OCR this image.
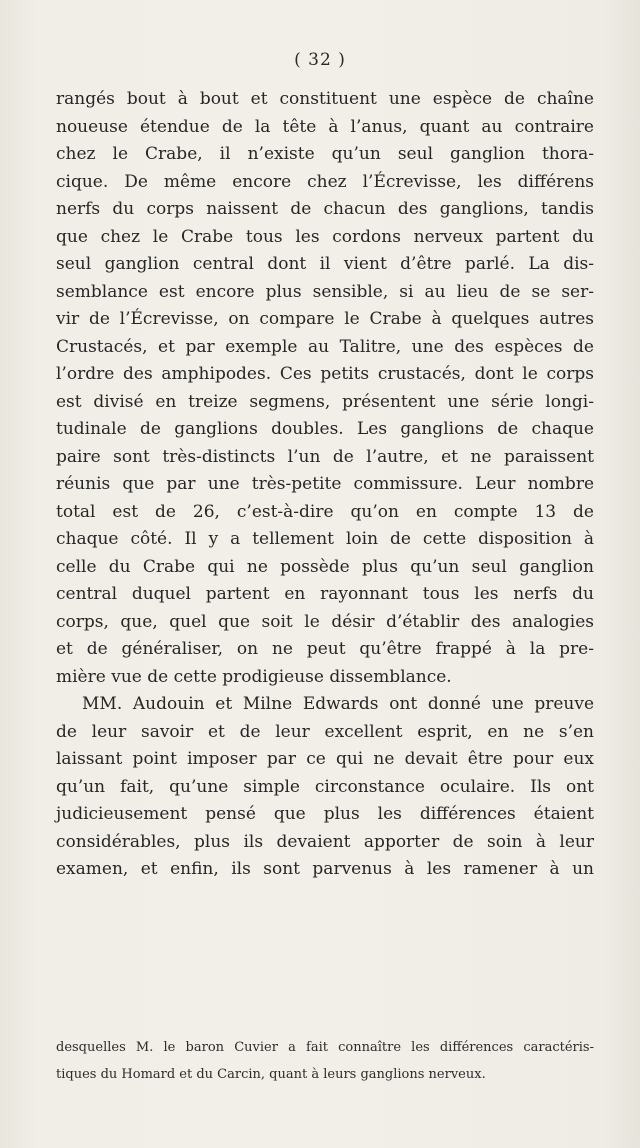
( 32 )
rangés bout à bout et constituent une espèce de chaîne
noueuse étendue de la tête à l’anus, quant au contraire
chez le Crabe, il n’existe qu’un seul ganglion thora-
cique. De même encore chez l’Écrevisse, les différens
nerfs du corps naissent de chacun des ganglions, tandis
que chez le Crabe tous les cordons nerveux partent du
seul ganglion central dont il vient d’être parlé. La dis-
semblance est encore plus sensible, si au lieu de se ser-
vir de l’Écrevisse, on compare le Crabe à quelques autres
Crustacés, et par exemple au Talitre, une des espèces de
l’ordre des amphipodes. Ces petits crustacés, dont le corps
est divisé en treize segmens, présentent une série longi-
tudinale de ganglions doubles. Les ganglions de chaque
paire sont très-distincts l’un de l’autre, et ne paraissent
réunis que par une très-petite commissure. Leur nombre
total est de 26, c’est-à-dire qu’on en compte 13 de
chaque côté. Il y a tellement loin de cette disposition à
celle du Crabe qui ne possède plus qu’un seul ganglion
central duquel partent en rayonnant tous les nerfs du
corps, que, quel que soit le désir d’établir des analogies
et de généraliser, on ne peut qu’être frappé à la pre-
mière vue de cette prodigieuse dissemblance.
MM. Audouin et Milne Edwards ont donné une preuve
de leur savoir et de leur excellent esprit, en ne s’en
laissant point imposer par ce qui ne devait être pour eux
qu’un fait, qu’une simple circonstance oculaire. Ils ont
judicieusement pensé que plus les différences étaient
considérables, plus ils devaient apporter de soin à leur
examen, et enfin, ils sont parvenus à les ramener à un
desquelles M. le baron Cuvier a fait connaître les différences caractéris-
tiques du Homard et du Carcin, quant à leurs ganglions nerveux.
